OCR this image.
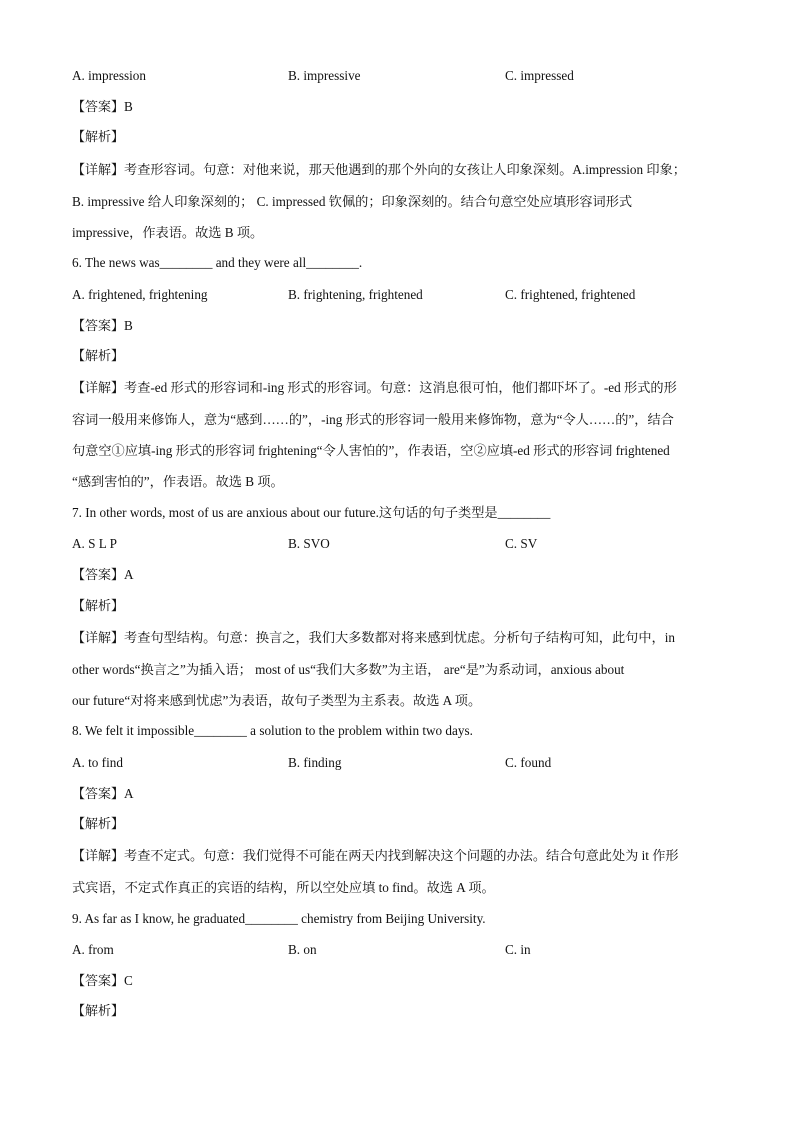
A. impression	B. impressive	C. impressed
【答案】B
【解析】
【详解】考查形容词。句意：对他来说，那天他遇到的那个外向的女孩让人印象深刻。A.impression 印象；
B. impressive 给人印象深刻的； C. impressed 钦佩的；印象深刻的。结合句意空处应填形容词形式
impressive，作表语。故选 B 项。
6. The news was________ and they were all________.
A. frightened, frightening	B. frightening, frightened	C. frightened, frightened
【答案】B
【解析】
【详解】考查-ed 形式的形容词和-ing 形式的形容词。句意：这消息很可怕，他们都吓坏了。-ed 形式的形
容词一般用来修饰人，意为“感到……的”，-ing 形式的形容词一般用来修饰物，意为“令人……的”，结合
句意空①应填-ing 形式的形容词 frightening“令人害怕的”，作表语，空②应填-ed 形式的形容词 frightened
“感到害怕的”，作表语。故选 B 项。
7. In other words, most of us are anxious about our future.这句话的句子类型是________
A. S L P	B. SVO	C. SV
【答案】A
【解析】
【详解】考查句型结构。句意：换言之，我们大多数都对将来感到忧虑。分析句子结构可知，此句中，in
other words“换言之”为插入语； most of us“我们大多数”为主语， are“是”为系动词，anxious about
our future“对将来感到忧虑”为表语，故句子类型为主系表。故选 A 项。
8. We felt it impossible________ a solution to the problem within two days.
A. to find	B. finding	C. found
【答案】A
【解析】
【详解】考查不定式。句意：我们觉得不可能在两天内找到解决这个问题的办法。结合句意此处为 it 作形
式宾语，不定式作真正的宾语的结构，所以空处应填 to find。故选 A 项。
9. As far as I know, he graduated________ chemistry from Beijing University.
A. from	B. on	C. in
【答案】C
【解析】
